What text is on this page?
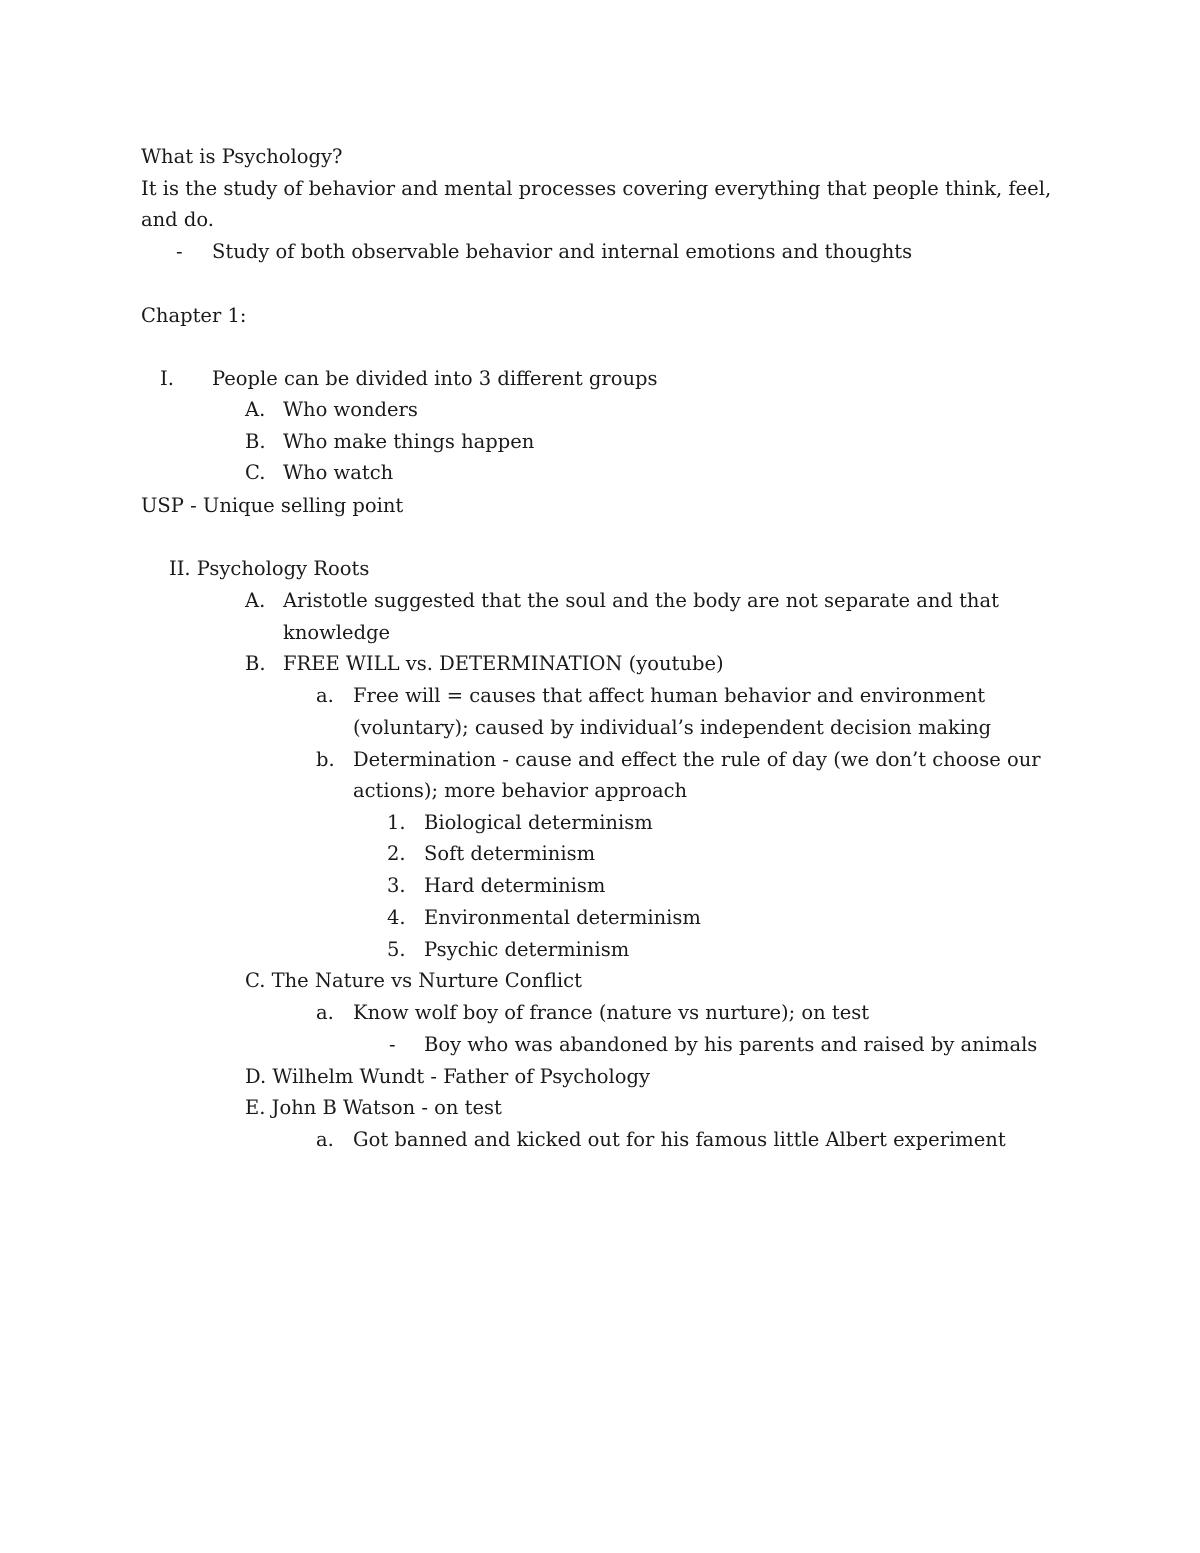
What is Psychology?
It is the study of behavior and mental processes covering everything that people think, feel,
and do.
- Study of both observable behavior and internal emotions and thoughts
Chapter 1:
I. People can be divided into 3 different groups
A. Who wonders
B. Who make things happen
C. Who watch
USP - Unique selling point
II. Psychology Roots
A. Aristotle suggested that the soul and the body are not separate and that
knowledge
B. FREE WILL vs. DETERMINATION (youtube)
a. Free will = causes that affect human behavior and environment
(voluntary); caused by individual’s independent decision making
b. Determination - cause and effect the rule of day (we don’t choose our
actions); more behavior approach
1. Biological determinism
2. Soft determinism
3. Hard determinism
4. Environmental determinism
5. Psychic determinism
C. The Nature vs Nurture Conflict
a. Know wolf boy of france (nature vs nurture); on test
- Boy who was abandoned by his parents and raised by animals
D. Wilhelm Wundt - Father of Psychology
E. John B Watson - on test
a. Got banned and kicked out for his famous little Albert experiment
